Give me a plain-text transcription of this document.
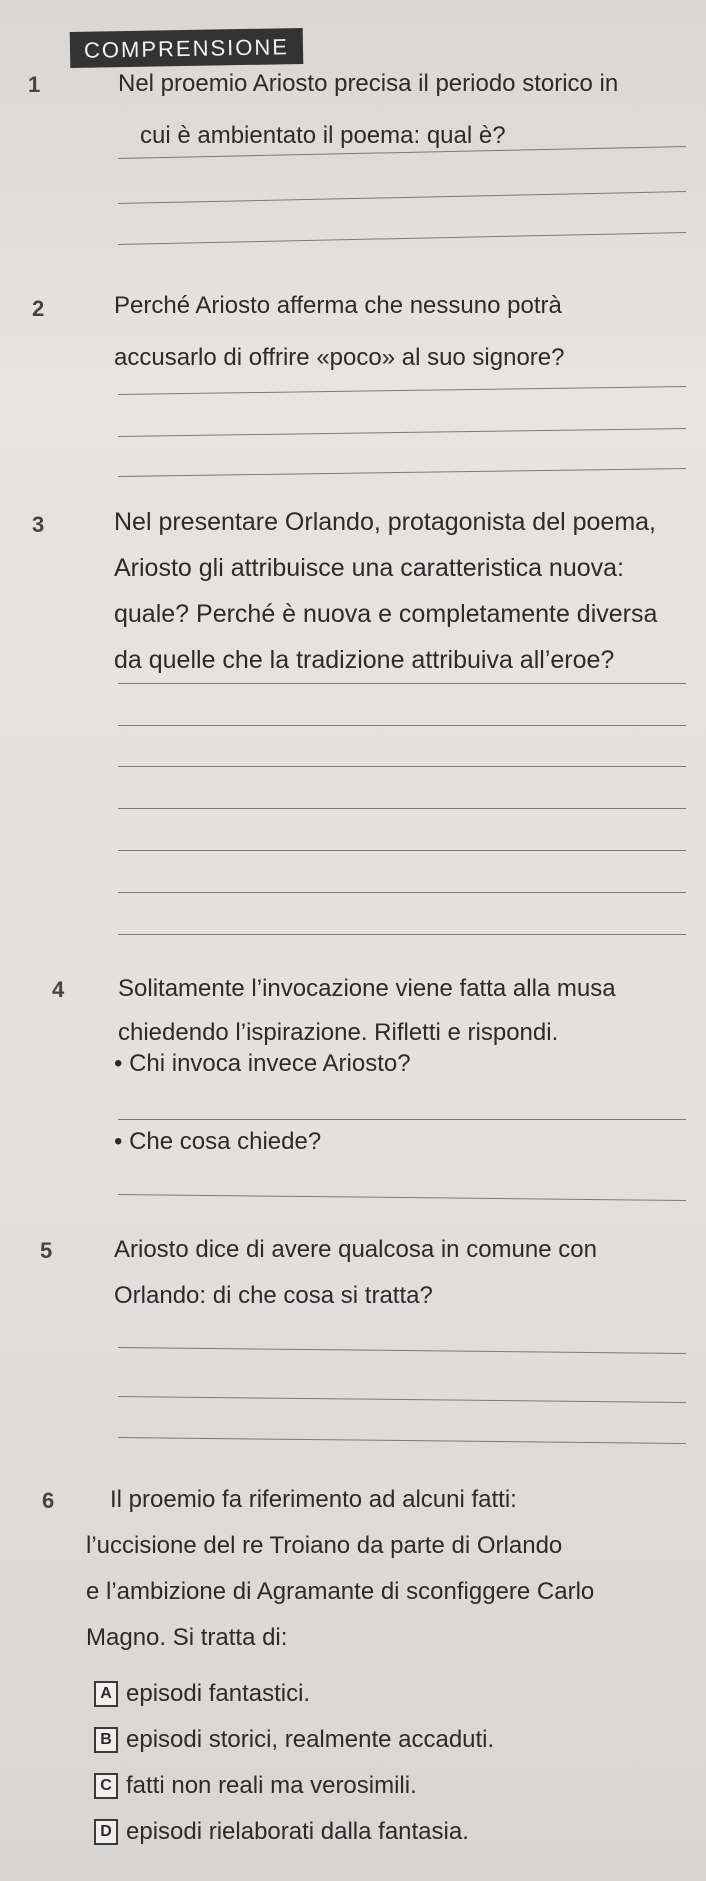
COMPRENSIONE
1	Nel proemio Ariosto precisa il periodo storico in
cui è ambientato il poema: qual è?
2	Perché Ariosto afferma che nessuno potrà
accusarlo di offrire «poco» al suo signore?
3	Nel presentare Orlando, protagonista del poema,
Ariosto gli attribuisce una caratteristica nuova:
quale? Perché è nuova e completamente diversa
da quelle che la tradizione attribuiva all’eroe?
4	Solitamente l’invocazione viene fatta alla musa
chiedendo l’ispirazione. Rifletti e rispondi.
• Chi invoca invece Ariosto?
• Che cosa chiede?
5	Ariosto dice di avere qualcosa in comune con
Orlando: di che cosa si tratta?
6	Il proemio fa riferimento ad alcuni fatti:
l’uccisione del re Troiano da parte di Orlando
e l’ambizione di Agramante di sconfiggere Carlo
Magno. Si tratta di:
A episodi fantastici.
B episodi storici, realmente accaduti.
C fatti non reali ma verosimili.
D episodi rielaborati dalla fantasia.
